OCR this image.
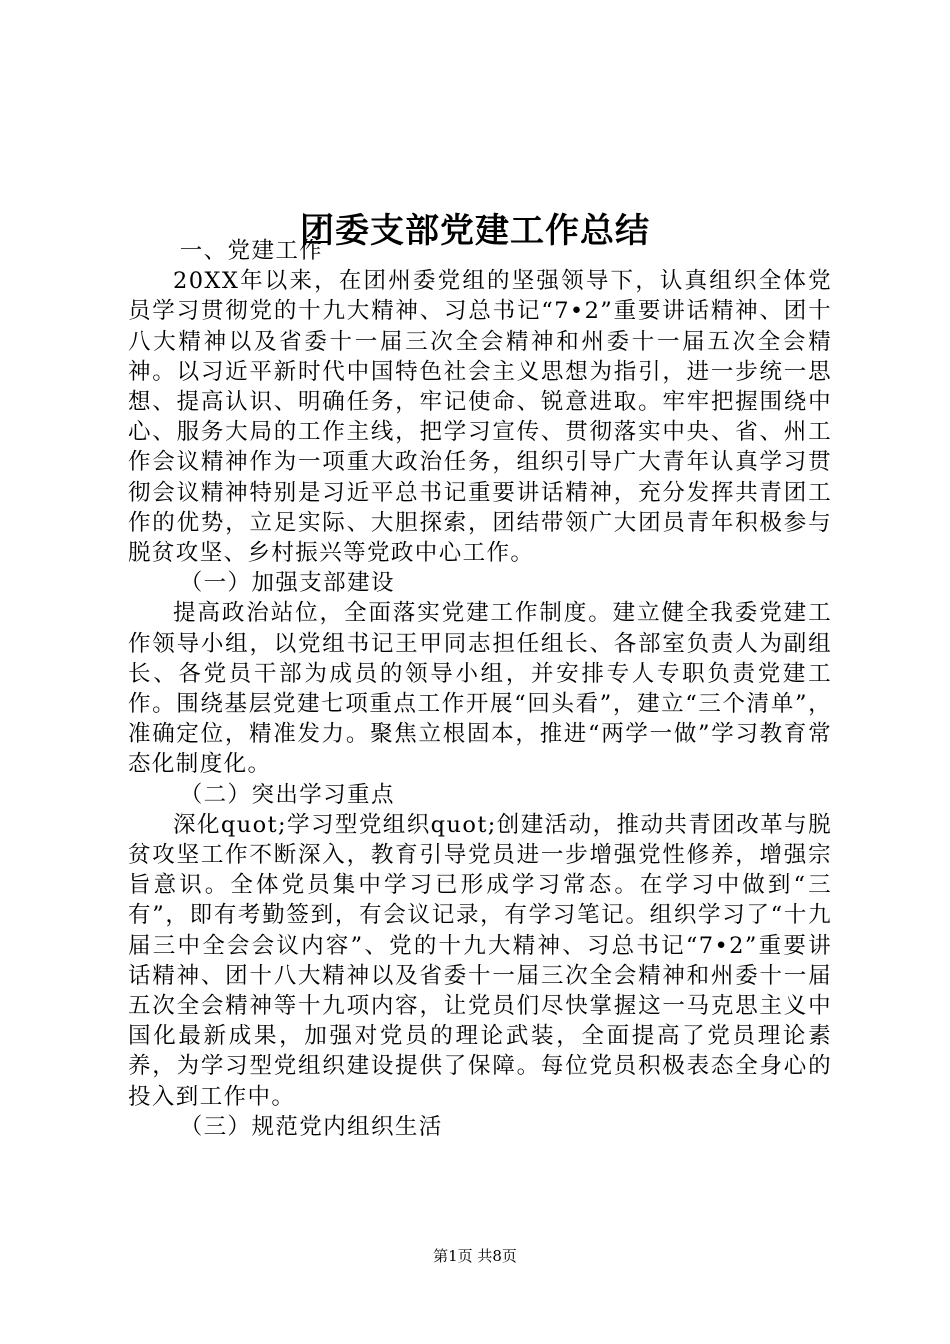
团委支部党建工作总结

一、党建工作

20XX年以来，在团州委党组的坚强领导下，认真组织全体党员学习贯彻党的十九大精神、习总书记“7•2”重要讲话精神、团十八大精神以及省委十一届三次全会精神和州委十一届五次全会精神。以习近平新时代中国特色社会主义思想为指引，进一步统一思想、提高认识、明确任务，牢记使命、锐意进取。牢牢把握围绕中心、服务大局的工作主线，把学习宣传、贯彻落实中央、省、州工作会议精神作为一项重大政治任务，组织引导广大青年认真学习贯彻会议精神特别是习近平总书记重要讲话精神，充分发挥共青团工作的优势，立足实际、大胆探索，团结带领广大团员青年积极参与脱贫攻坚、乡村振兴等党政中心工作。

（一）加强支部建设

提高政治站位，全面落实党建工作制度。建立健全我委党建工作领导小组，以党组书记王甲同志担任组长、各部室负责人为副组长、各党员干部为成员的领导小组，并安排专人专职负责党建工作。围绕基层党建七项重点工作开展“回头看”，建立“三个清单”，准确定位，精准发力。聚焦立根固本，推进“两学一做”学习教育常态化制度化。

（二）突出学习重点

深化quot;学习型党组织quot;创建活动，推动共青团改革与脱贫攻坚工作不断深入，教育引导党员进一步增强党性修养，增强宗旨意识。全体党员集中学习已形成学习常态。在学习中做到“三有”，即有考勤签到，有会议记录，有学习笔记。组织学习了“十九届三中全会会议内容”、党的十九大精神、习总书记“7•2”重要讲话精神、团十八大精神以及省委十一届三次全会精神和州委十一届五次全会精神等十九项内容，让党员们尽快掌握这一马克思主义中国化最新成果，加强对党员的理论武装，全面提高了党员理论素养，为学习型党组织建设提供了保障。每位党员积极表态全身心的投入到工作中。

（三）规范党内组织生活

第1页 共8页
